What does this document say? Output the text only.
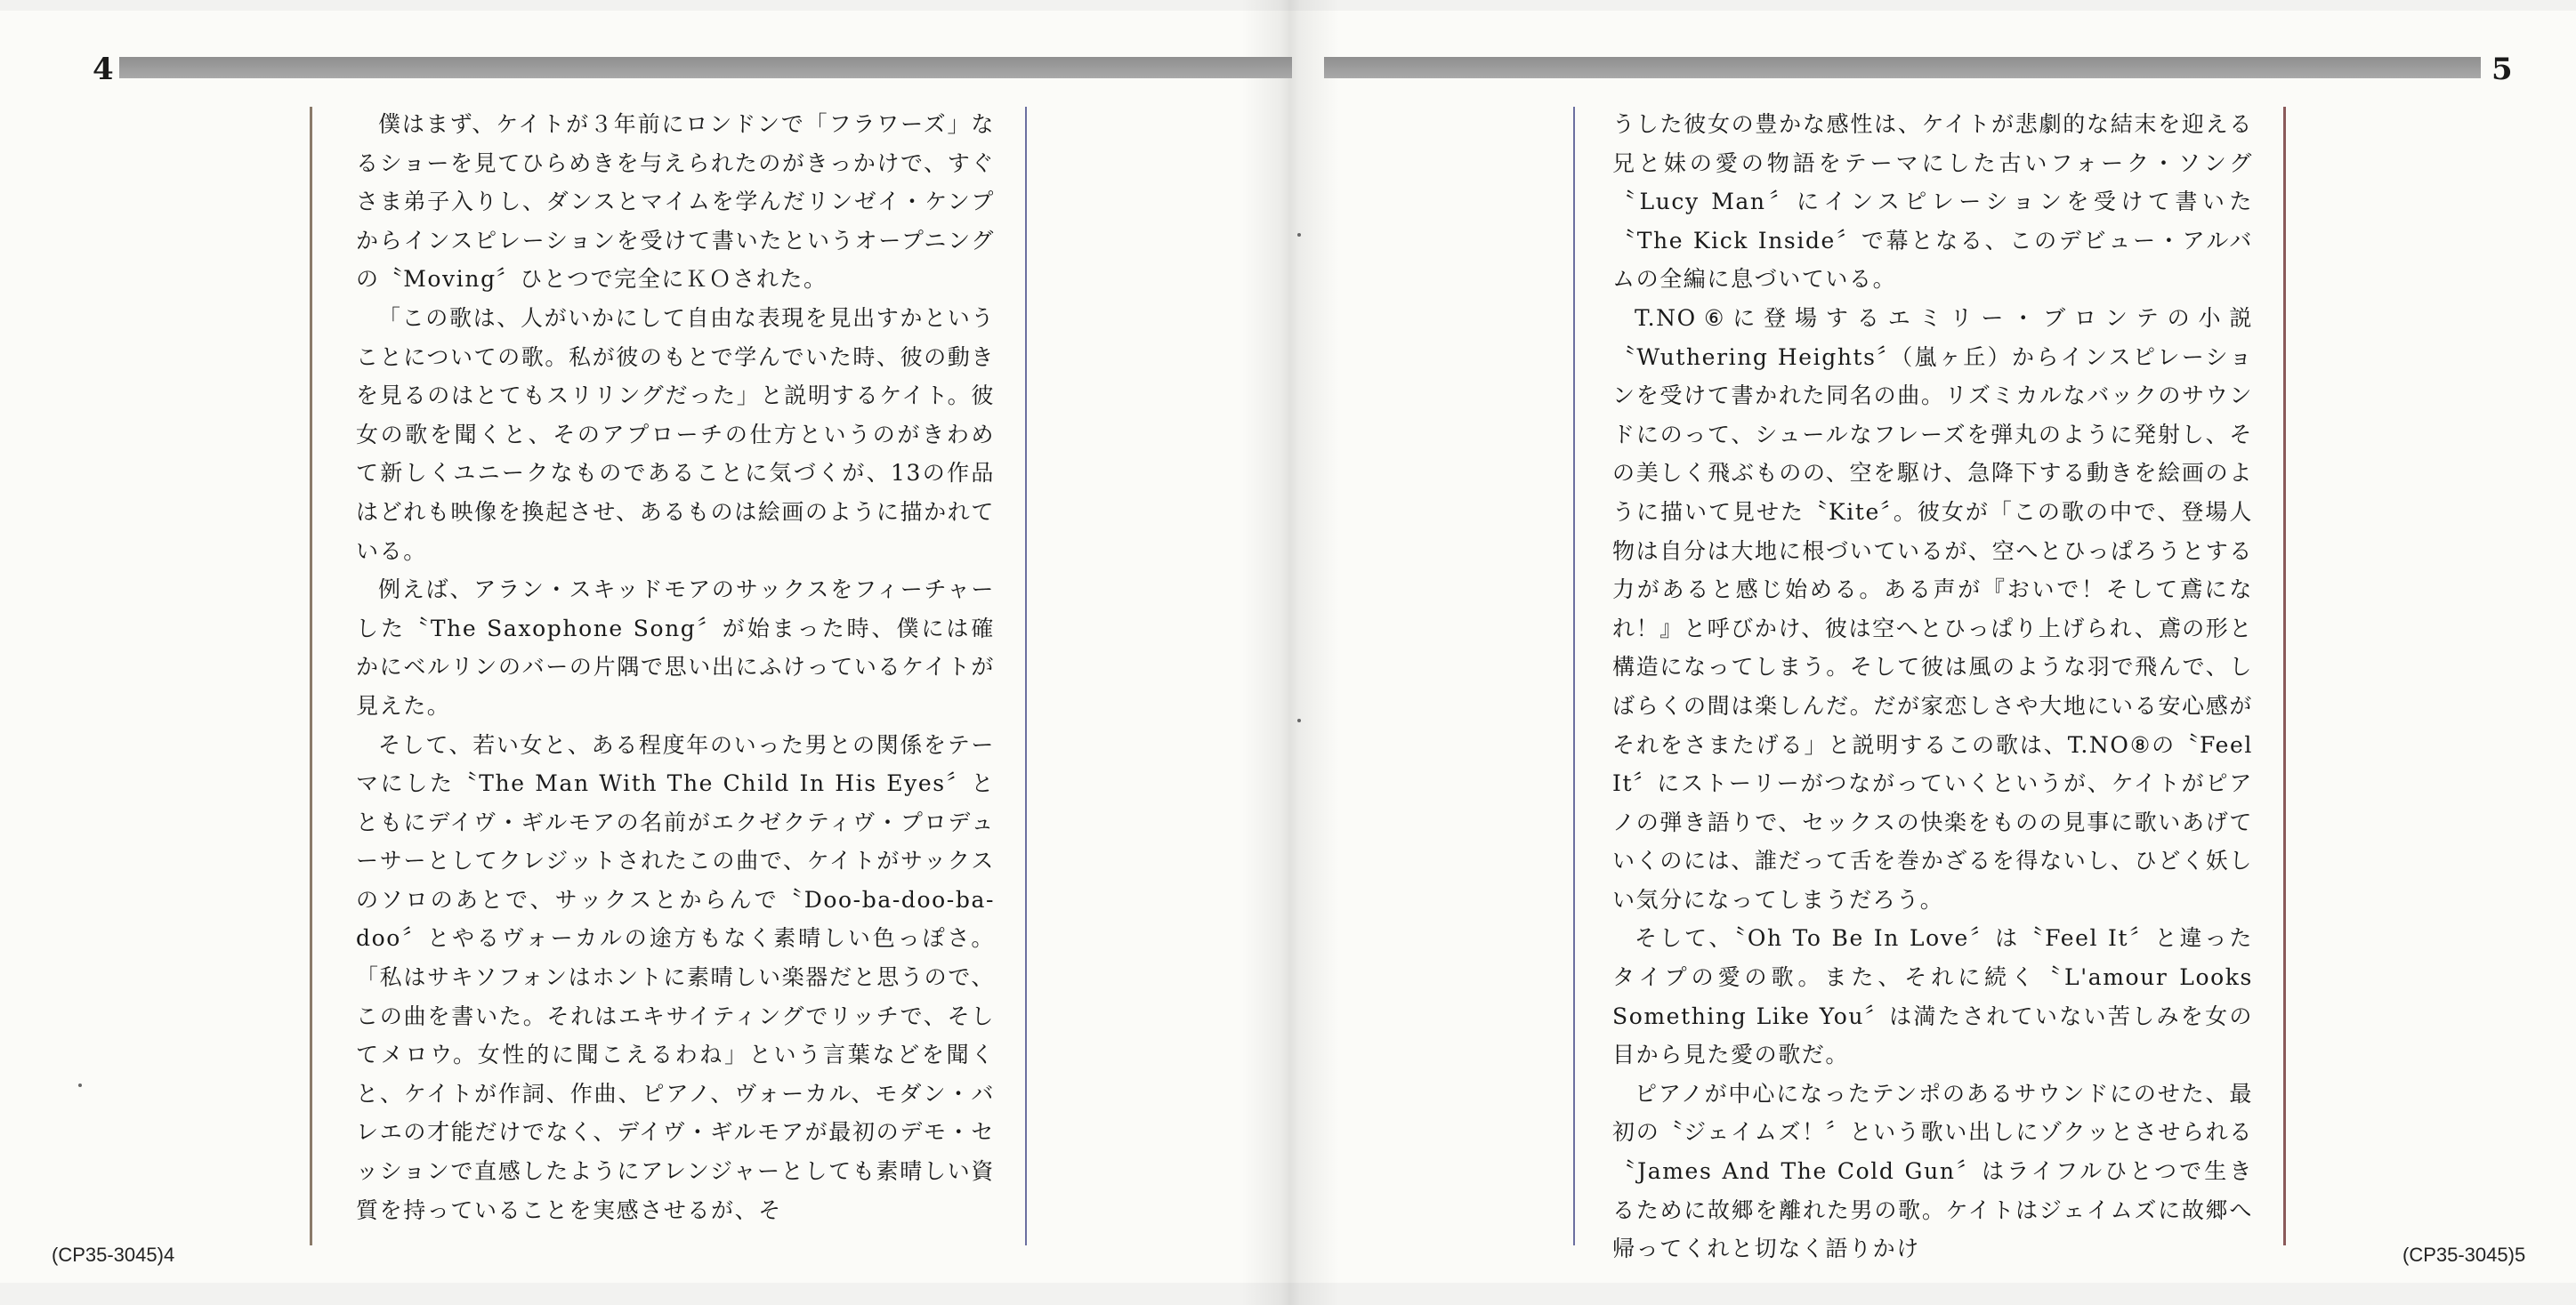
4	5

僕はまず、ケイトが３年前にロンドンで「フラワーズ」なるショーを見てひらめきを与えられたのがきっかけで、すぐさま弟子入りし、ダンスとマイムを学んだリンゼイ・ケンプからインスピレーションを受けて書いたというオープニングの〝Moving〞ひとつで完全にＫＯされた。

「この歌は、人がいかにして自由な表現を見出すかということについての歌。私が彼のもとで学んでいた時、彼の動きを見るのはとてもスリリングだった」と説明するケイト。彼女の歌を聞くと、そのアプローチの仕方というのがきわめて新しくユニークなものであることに気づくが、13の作品はどれも映像を換起させ、あるものは絵画のように描かれている。

例えば、アラン・スキッドモアのサックスをフィーチャーした〝The Saxophone Song〞が始まった時、僕には確かにベルリンのバーの片隅で思い出にふけっているケイトが見えた。

そして、若い女と、ある程度年のいった男との関係をテーマにした〝The Man With The Child In His Eyes〞とともにデイヴ・ギルモアの名前がエクゼクティヴ・プロデューサーとしてクレジットされたこの曲で、ケイトがサックスのソロのあとで、サックスとからんで〝Doo-ba-doo-ba-doo〞とやるヴォーカルの途方もなく素晴しい色っぽさ。「私はサキソフォンはホントに素晴しい楽器だと思うので、この曲を書いた。それはエキサイティングでリッチで、そしてメロウ。女性的に聞こえるわね」という言葉などを聞くと、ケイトが作詞、作曲、ピアノ、ヴォーカル、モダン・バレエの才能だけでなく、デイヴ・ギルモアが最初のデモ・セッションで直感したようにアレンジャーとしても素晴しい資質を持っていることを実感させるが、そ

うした彼女の豊かな感性は、ケイトが悲劇的な結末を迎える兄と妹の愛の物語をテーマにした古いフォーク・ソング〝Lucy Man〞にインスピレーションを受けて書いた〝The Kick Inside〞で幕となる、このデビュー・アルバムの全編に息づいている。

T.NO⑥に登場するエミリー・ブロンテの小説〝Wuthering Heights〞（嵐ヶ丘）からインスピレーションを受けて書かれた同名の曲。リズミカルなバックのサウンドにのって、シュールなフレーズを弾丸のように発射し、その美しく飛ぶものの、空を駆け、急降下する動きを絵画のように描いて見せた〝Kite〞。彼女が「この歌の中で、登場人物は自分は大地に根づいているが、空へとひっぱろうとする力があると感じ始める。ある声が『おいで！そして鳶になれ！』と呼びかけ、彼は空へとひっぱり上げられ、鳶の形と構造になってしまう。そして彼は風のような羽で飛んで、しばらくの間は楽しんだ。だが家恋しさや大地にいる安心感がそれをさまたげる」と説明するこの歌は、T.NO⑧の〝Feel It〞にストーリーがつながっていくというが、ケイトがピアノの弾き語りで、セックスの快楽をものの見事に歌いあげていくのには、誰だって舌を巻かざるを得ないし、ひどく妖しい気分になってしまうだろう。

そして、〝Oh To Be In Love〞は〝Feel It〞と違ったタイプの愛の歌。また、それに続く〝L'amour Looks Something Like You〞は満たされていない苦しみを女の目から見た愛の歌だ。

ピアノが中心になったテンポのあるサウンドにのせた、最初の〝ジェイムズ！〞という歌い出しにゾクッとさせられる〝James And The Cold Gun〞はライフルひとつで生きるために故郷を離れた男の歌。ケイトはジェイムズに故郷へ帰ってくれと切なく語りかけ

(CP35-3045)4	(CP35-3045)5
